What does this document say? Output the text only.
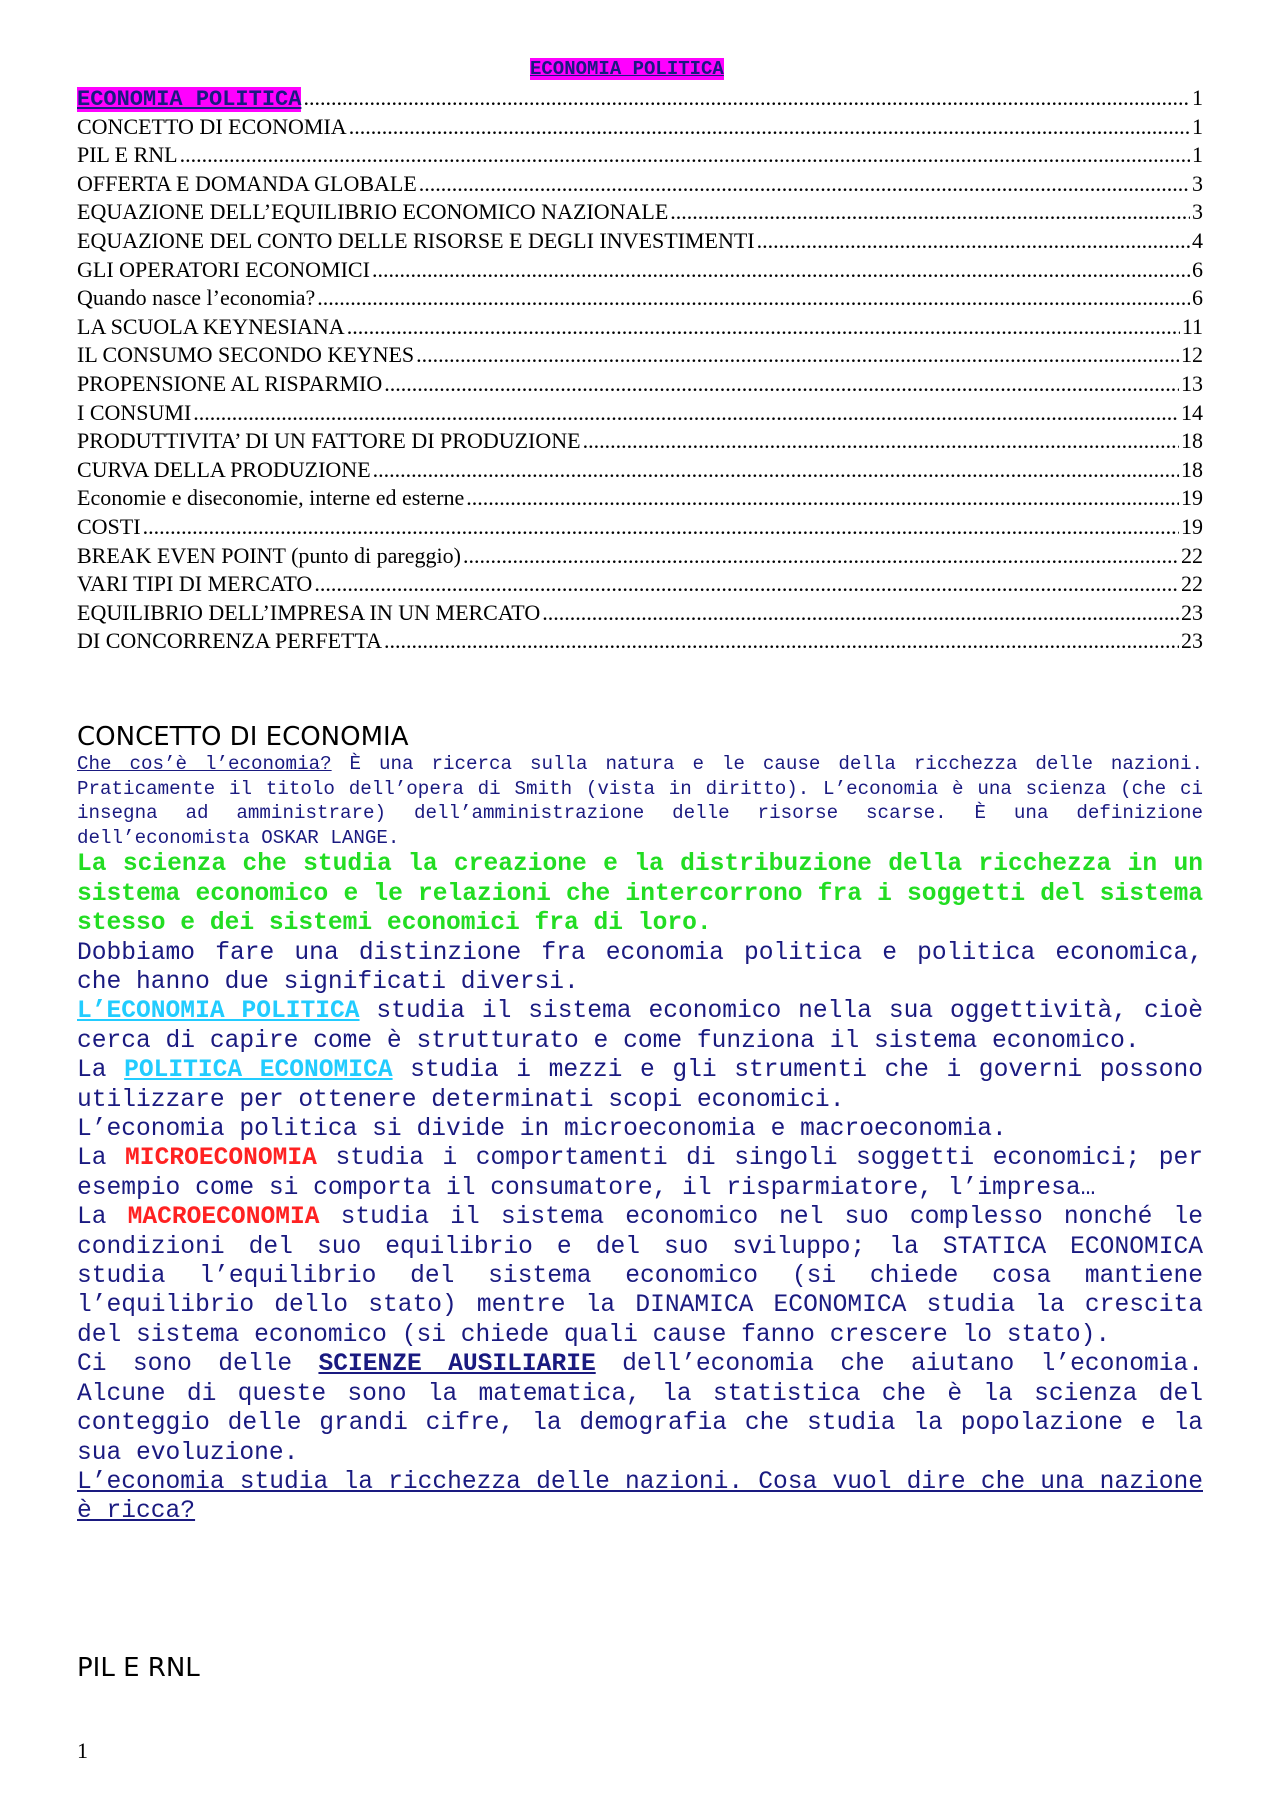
ECONOMIA POLITICA
ECONOMIA POLITICA .....	1
CONCETTO DI ECONOMIA .....	1
PIL E RNL .....	1
OFFERTA E DOMANDA GLOBALE .....	3
EQUAZIONE DELL’EQUILIBRIO ECONOMICO NAZIONALE .....	3
EQUAZIONE DEL CONTO DELLE RISORSE E DEGLI INVESTIMENTI .....	4
GLI OPERATORI ECONOMICI .....	6
Quando nasce l’economia? .....	6
LA SCUOLA KEYNESIANA .....	11
IL CONSUMO SECONDO KEYNES .....	12
PROPENSIONE AL RISPARMIO .....	13
I CONSUMI .....	14
PRODUTTIVITA’ DI UN FATTORE DI PRODUZIONE .....	18
CURVA DELLA PRODUZIONE .....	18
Economie e diseconomie, interne ed esterne .....	19
COSTI .....	19
BREAK EVEN POINT (punto di pareggio) .....	22
VARI TIPI DI MERCATO .....	22
EQUILIBRIO DELL’IMPRESA IN UN MERCATO .....	23
DI CONCORRENZA PERFETTA .....	23
CONCETTO DI ECONOMIA
Che cos’è l’economia? È una ricerca sulla natura e le cause della ricchezza delle nazioni. Praticamente il titolo dell’opera di Smith (vista in diritto). L’economia è una scienza (che ci insegna ad amministrare) dell’amministrazione delle risorse scarse. È una definizione dell’economista OSKAR LANGE.
La scienza che studia la creazione e la distribuzione della ricchezza in un sistema economico e le relazioni che intercorrono fra i soggetti del sistema stesso e dei sistemi economici fra di loro.
Dobbiamo fare una distinzione fra economia politica e politica economica, che hanno due significati diversi.
L’ECONOMIA POLITICA studia il sistema economico nella sua oggettività, cioè cerca di capire come è strutturato e come funziona il sistema economico.
La POLITICA ECONOMICA studia i mezzi e gli strumenti che i governi possono utilizzare per ottenere determinati scopi economici.
L’economia politica si divide in microeconomia e macroeconomia.
La MICROECONOMIA studia i comportamenti di singoli soggetti economici; per esempio come si comporta il consumatore, il risparmiatore, l’impresa…
La MACROECONOMIA studia il sistema economico nel suo complesso nonché le condizioni del suo equilibrio e del suo sviluppo; la STATICA ECONOMICA studia l’equilibrio del sistema economico (si chiede cosa mantiene l’equilibrio dello stato) mentre la DINAMICA ECONOMICA studia la crescita del sistema economico (si chiede quali cause fanno crescere lo stato).
Ci sono delle SCIENZE AUSILIARIE dell’economia che aiutano l’economia. Alcune di queste sono la matematica, la statistica che è la scienza del conteggio delle grandi cifre, la demografia che studia la popolazione e la sua evoluzione.
L’economia studia la ricchezza delle nazioni. Cosa vuol dire che una nazione è ricca?
PIL E RNL
1
